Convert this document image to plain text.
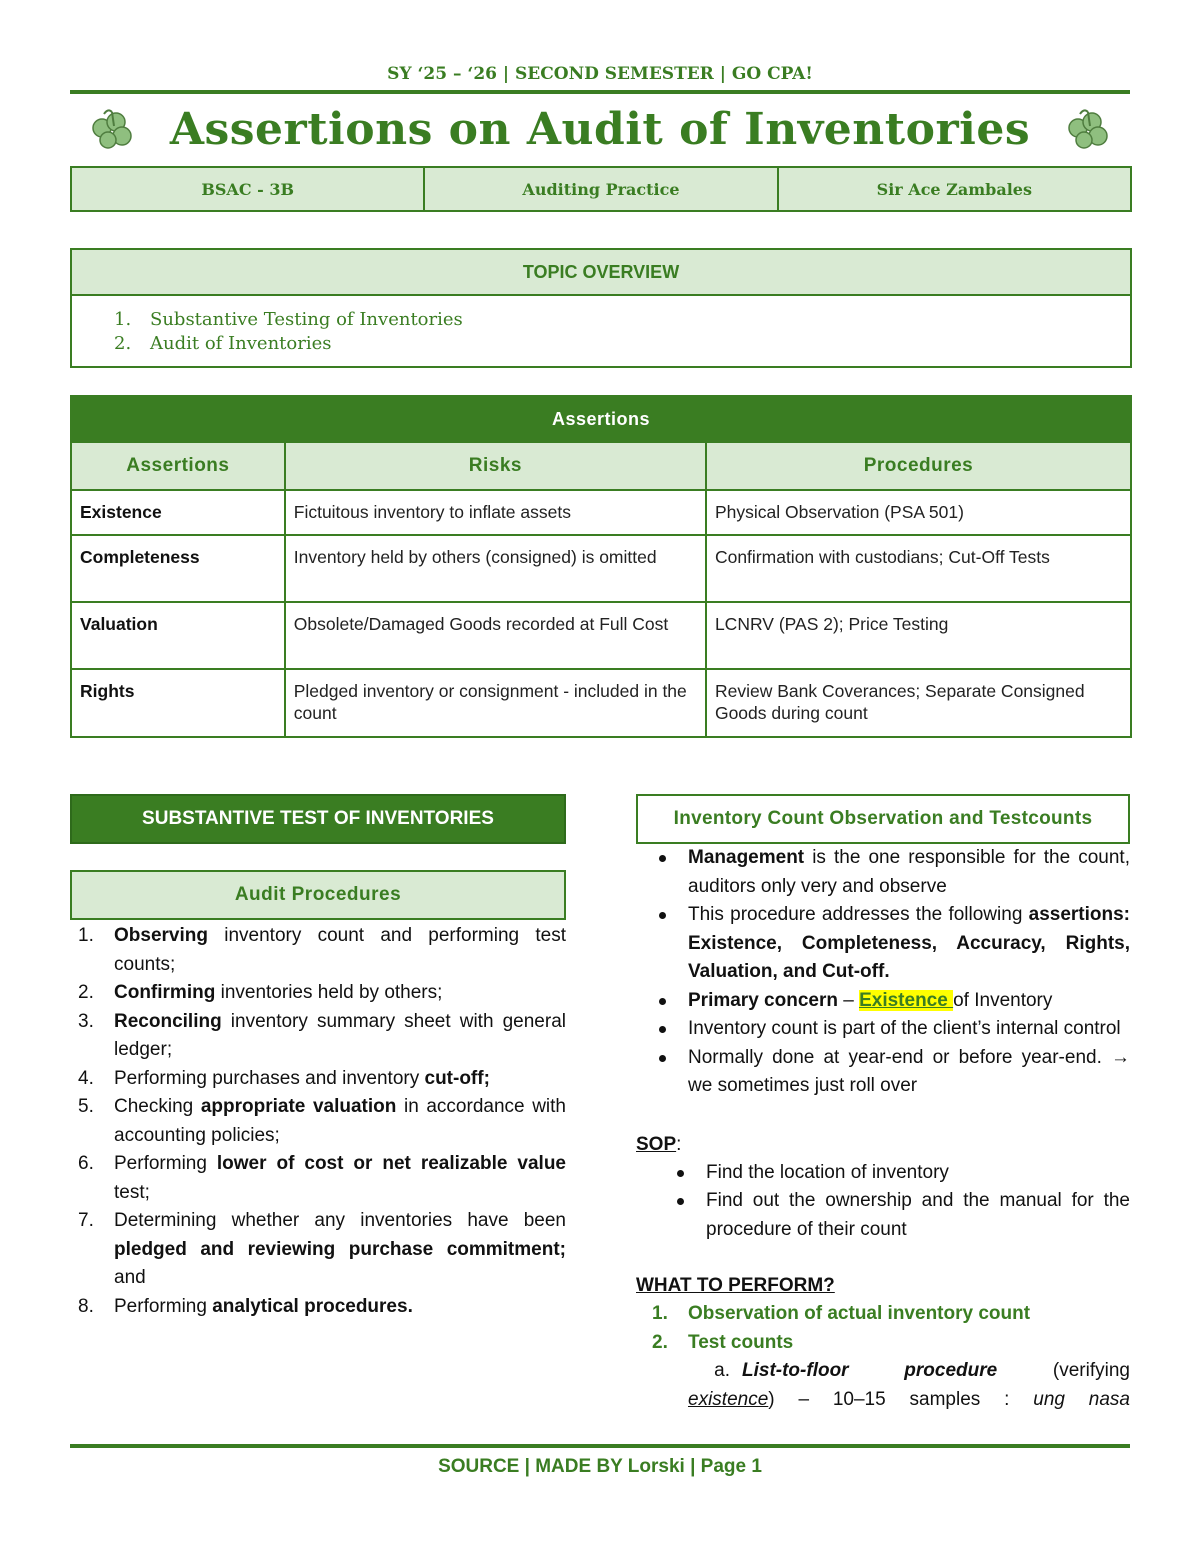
SY ‘25 – ‘26 | SECOND SEMESTER | GO CPA!
Assertions on Audit of Inventories
BSAC - 3B	Auditing Practice	Sir Ace Zambales
TOPIC OVERVIEW
1.	Substantive Testing of Inventories
2.	Audit of Inventories
Assertions		
Assertions	Risks	Procedures
Existence	Fictuitous inventory to inflate assets	Physical Observation (PSA 501)
Completeness	Inventory held by others (consigned) is omitted	Confirmation with custodians; Cut-Off Tests
Valuation	Obsolete/Damaged Goods recorded at Full Cost	LCNRV (PAS 2); Price Testing
Rights	Pledged inventory or consignment - included in the count	Review Bank Coverances; Separate Consigned Goods during count
SUBSTANTIVE TEST OF INVENTORIES
Audit Procedures
1.	Observing inventory count and performing test counts;
2.	Confirming inventories held by others;
3.	Reconciling inventory summary sheet with general ledger;
4.	Performing purchases and inventory cut-off;
5.	Checking appropriate valuation in accordance with accounting policies;
6.	Performing lower of cost or net realizable value test;
7.	Determining whether any inventories have been pledged and reviewing purchase commitment; and
8.	Performing analytical procedures.
Inventory Count Observation and Testcounts
Management is the one responsible for the count, auditors only very and observe
This procedure addresses the following assertions: Existence, Completeness, Accuracy, Rights, Valuation, and Cut-off.
Primary concern – Existence of Inventory
Inventory count is part of the client’s internal control
Normally done at year-end or before year-end. → we sometimes just roll over
SOP:
Find the location of inventory
Find out the ownership and the manual for the procedure of their count
WHAT TO PERFORM?
1.	Observation of actual inventory count
2.	Test counts
a. List-to-floor procedure (verifying
existence) – 10–15 samples : ung nasa
SOURCE | MADE BY Lorski | Page 1
